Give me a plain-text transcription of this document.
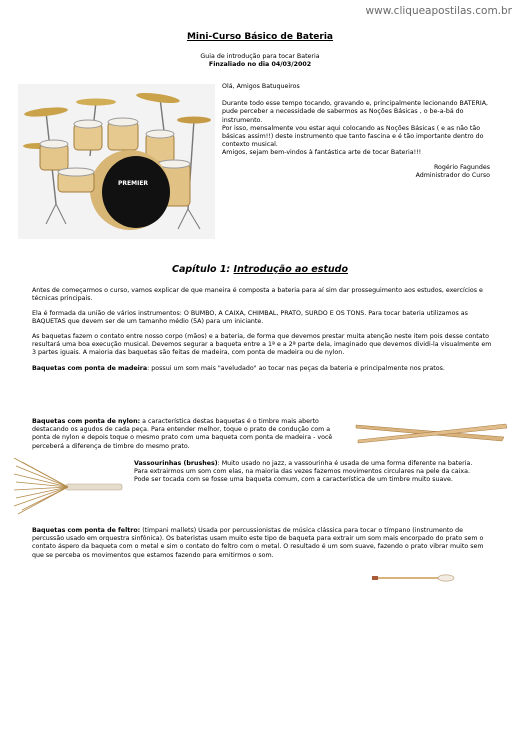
www.cliqueapostilas.com.br
Mini-Curso Básico de Bateria
Guia de introdução para tocar Bateria
Finzaliado no dia 04/03/2002
PREMIER

Olá, Amigos Batuqueiros

Durante todo esse tempo tocando, gravando e, principalmente lecionando BATERIA, pude perceber a necessidade de sabermos as Noções Básicas , o be-a-bá do instrumento.

Por isso, mensalmente vou estar aqui colocando as Noções Básicas ( e as não tão básicas assim!!) deste instrumento que tanto fascina e é tão importante dentro do contexto musical.

Amigos, sejam bem-vindos à fantástica arte de tocar Bateria!!!

Rogério Fagundes
Administrador do Curso
Capítulo 1: Introdução ao estudo

Antes de começarmos o curso, vamos explicar de que maneira é composta a bateria para aí sim dar prosseguimento aos estudos, exercícios e técnicas principais.

Ela é formada da união de vários instrumentos: O BUMBO, A CAIXA, CHIMBAL, PRATO, SURDO E OS TONS. Para tocar bateria utilizamos as BAQUETAS que devem ser de um tamanho médio (5A) para um iniciante.

As baquetas fazem o contato entre nosso corpo (mãos) e a bateria, de forma que devemos prestar muita atenção neste item pois desse contato resultará uma boa execução musical. Devemos segurar a baqueta entre a 1ª e a 2ª parte dela, imaginado que devemos dividi-la visualmente em 3 partes iguais. A maioria das baquetas são feitas de madeira, com ponta de madeira ou de nylon.

Baquetas com ponta de madeira: possui um som mais "aveludado" ao tocar nas peças da bateria e principalmente nos pratos.

Baquetas com ponta de nylon: a característica destas baquetas é o timbre mais aberto destacando os agudos de cada peça. Para entender melhor, toque o prato de condução com a ponta de nylon e depois toque o mesmo prato com uma baqueta com ponta de madeira - você perceberá a diferença de timbre do mesmo prato.

Vassourinhas (brushes): Muito usado no jazz, a vassourinha é usada de uma forma diferente na bateria. Para extrairmos um som com elas, na maioria das vezes fazemos movimentos circulares na pele da caixa. Pode ser tocada com se fosse uma baqueta comum, com a característica de um timbre muito suave.

Baquetas com ponta de feltro: (timpani mallets) Usada por percussionistas de música clássica para tocar o tímpano (instrumento de percussão usado em orquestra sinfônica). Os bateristas usam muito este tipo de baqueta para extrair um som mais encorpado do prato sem o contato áspero da baqueta com o metal e sim o contato do feltro com o metal. O resultado é um som suave, fazendo o prato vibrar muito sem que se perceba os movimentos que estamos fazendo para emitirmos o som.
